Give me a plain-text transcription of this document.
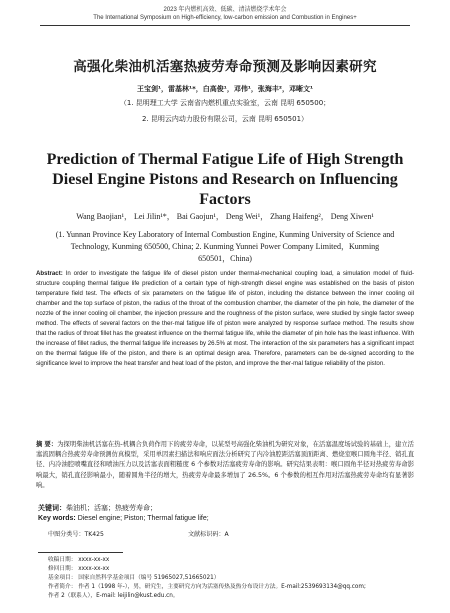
2023 年内燃机高效、低碳、清洁燃烧学术年会
The International Symposium on High-efficiency, low-carbon emission and Combustion in Engines+
高强化柴油机活塞热疲劳寿命预测及影响因素研究
王宝剑¹，雷基林¹*，白高俊¹，邓伟¹，张海丰²，邓晰文¹
（1. 昆明理工大学 云南省内燃机重点实验室，云南 昆明 650500；
2. 昆明云内动力股份有限公司，云南 昆明 650501）
Prediction of Thermal Fatigue Life of High Strength Diesel Engine Pistons and Research on Influencing Factors
Wang Baojian¹， Lei Jilin¹*， Bai Gaojun¹， Deng Wei¹， Zhang Haifeng²， Deng Xiwen¹
(1. Yunnan Province Key Laboratory of Internal Combustion Engine, Kunming University of Science and Technology, Kunming 650500, China; 2. Kunming Yunnei Power Company Limited，Kunming 650501，China)
Abstract: In order to investigate the fatigue life of diesel piston under thermal-mechanical coupling load, a simulation model of fluid-structure coupling thermal fatigue life prediction of a certain type of high-strength diesel engine was established on the basis of piston temperature field test. The effects of six parameters on the fatigue life of piston, including the distance between the inner cooling oil chamber and the top surface of piston, the radius of the throat of the combustion chamber, the diameter of the pin hole, the diameter of the nozzle of the inner cooling oil chamber, the injection pressure and the roughness of the piston surface, were studied by single factor sweep method. The effects of several factors on the ther-mal fatigue life of piston were analyzed by response surface method. The results show that the radius of throat fillet has the greatest influence on the thermal fatigue life, while the diameter of pin hole has the least influence. With the increase of fillet radius, the thermal fatigue life increases by 26.5% at most. The interaction of the six parameters has a significant impact on the thermal fatigue life of the piston, and there is an optimal design area. Therefore, parameters can be de-signed according to the significance level to improve the heat transfer and heat load of the piston, and improve the ther-mal fatigue reliability of the piston.
摘 要：为探明柴油机活塞在热-机耦合负荷作用下的疲劳寿命，以某型号高强化柴油机为研究对象，在活塞温度场试验的基础上，建立活塞流固耦合热疲劳寿命预测仿真模型，采用单因素扫描法和响应面法分析研究了内冷油腔距活塞顶面距离、燃烧室喉口圆角半径、销孔直径、内冷油腔喷嘴直径和喷油压力以及活塞表面粗糙度 6 个参数对活塞疲劳寿命的影响。研究结果表明：喉口圆角半径对热疲劳寿命影响最大，销孔直径影响最小，随着圆角半径的增大，热疲劳寿命最多增加了 26.5%。6 个参数的相互作用对活塞热疲劳寿命均有显著影响。
关键词：柴油机；活塞；热疲劳寿命；
Key words: Diesel engine; Piston; Thermal fatigue life;
中图分类号：TK425	文献标识码：A
收稿日期： xxxx-xx-xx
修回日期： xxxx-xx-xx
基金项目： 国家自然科学基金项目（编号 51965027,51665021）
作者简介： 作者 1（1998 年-），男，研究生，主要研究方向为活塞传热及热分布设计方法。E-mail:2539693134@qq.com;
作者 2（联系人），E-mail: leijilin@kust.edu.cn。
